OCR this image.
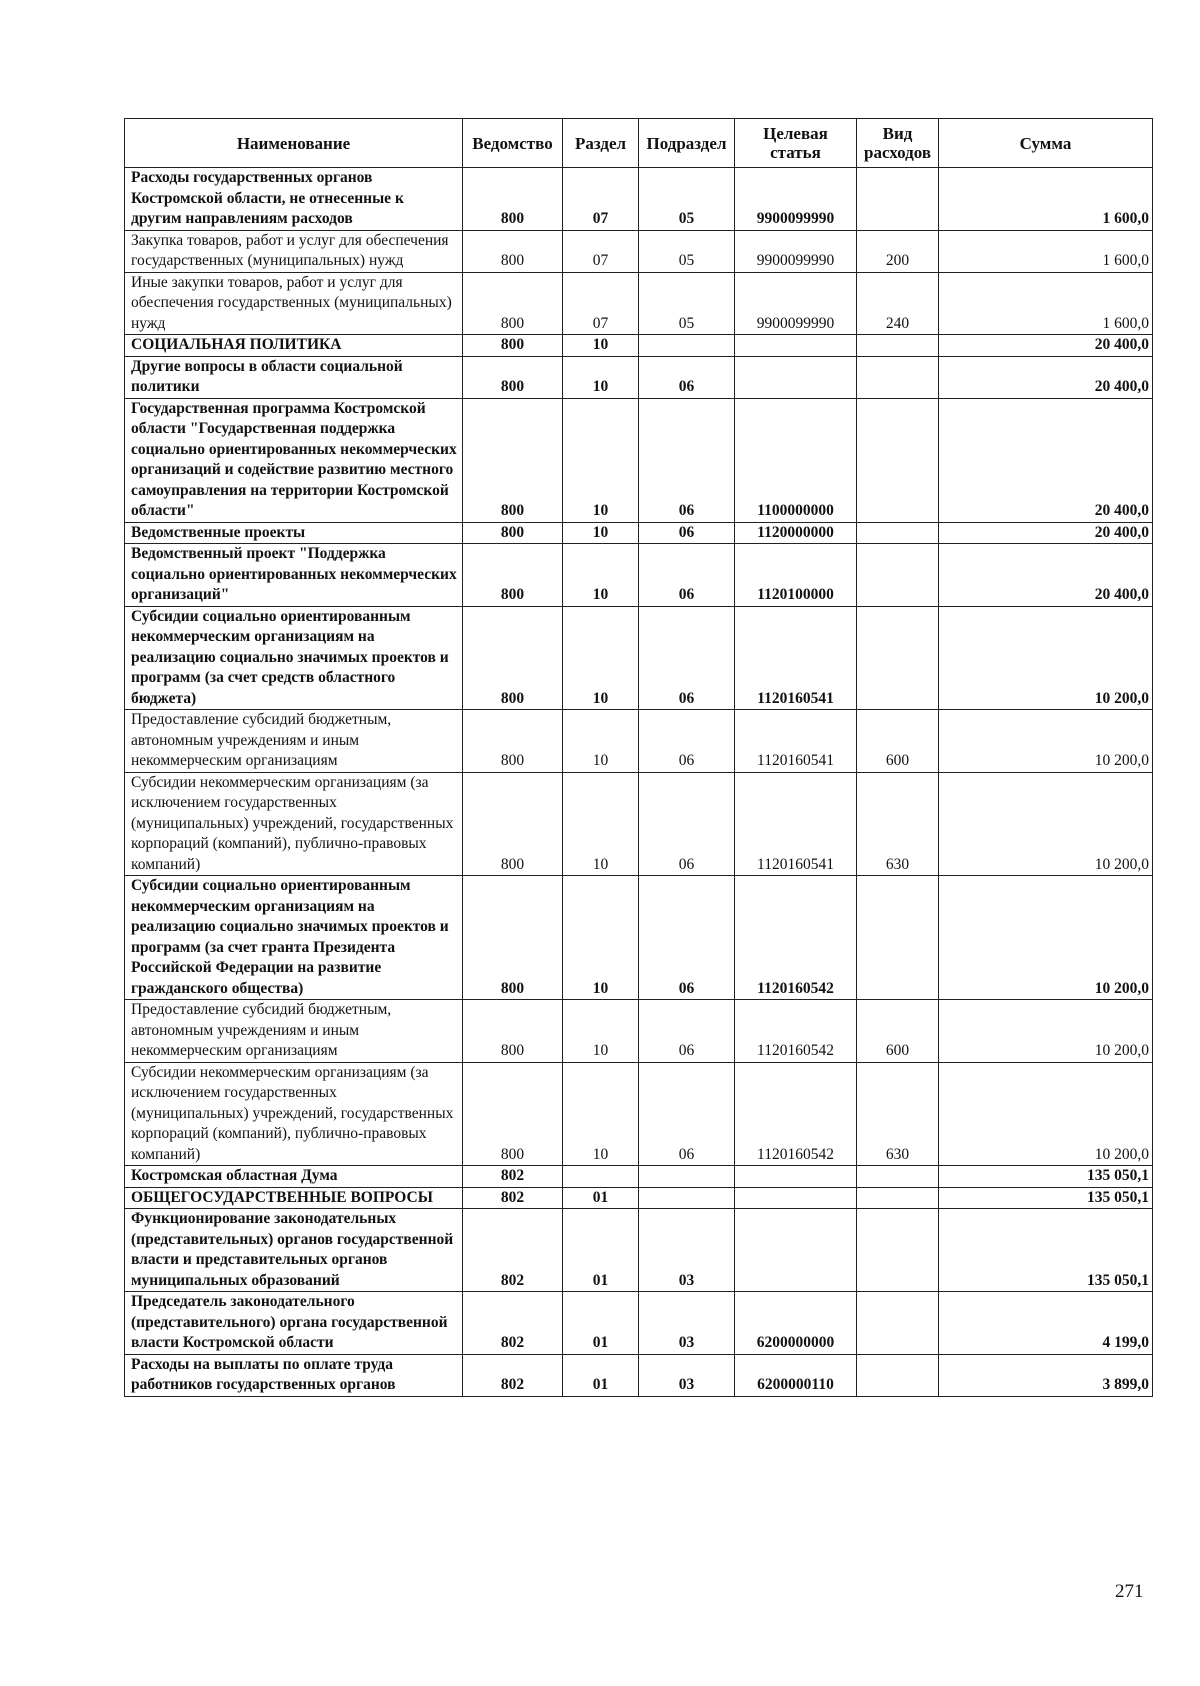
Наименование	Ведомство	Раздел	Подраздел	Целевая статья	Вид расходов	Сумма
Расходы государственных органов Костромской области, не отнесенные к другим направлениям расходов	800	07	05	9900099990		1 600,0
Закупка товаров, работ и услуг для обеспечения государственных (муниципальных) нужд	800	07	05	9900099990	200	1 600,0
Иные закупки товаров, работ и услуг для обеспечения государственных (муниципальных) нужд	800	07	05	9900099990	240	1 600,0
СОЦИАЛЬНАЯ ПОЛИТИКА	800	10				20 400,0
Другие вопросы в области социальной политики	800	10	06			20 400,0
Государственная программа Костромской области "Государственная поддержка социально ориентированных некоммерческих организаций и содействие развитию местного самоуправления на территории Костромской области"	800	10	06	1100000000		20 400,0
Ведомственные проекты	800	10	06	1120000000		20 400,0
Ведомственный проект "Поддержка социально ориентированных некоммерческих организаций"	800	10	06	1120100000		20 400,0
Субсидии социально ориентированным некоммерческим организациям на реализацию социально значимых проектов и программ (за счет средств областного бюджета)	800	10	06	1120160541		10 200,0
Предоставление субсидий бюджетным, автономным учреждениям и иным некоммерческим организациям	800	10	06	1120160541	600	10 200,0
Субсидии некоммерческим организациям (за исключением государственных (муниципальных) учреждений, государственных корпораций (компаний), публично-правовых компаний)	800	10	06	1120160541	630	10 200,0
Субсидии социально ориентированным некоммерческим организациям на реализацию социально значимых проектов и программ (за счет гранта Президента Российской Федерации на развитие гражданского общества)	800	10	06	1120160542		10 200,0
Предоставление субсидий бюджетным, автономным учреждениям и иным некоммерческим организациям	800	10	06	1120160542	600	10 200,0
Субсидии некоммерческим организациям (за исключением государственных (муниципальных) учреждений, государственных корпораций (компаний), публично-правовых компаний)	800	10	06	1120160542	630	10 200,0
Костромская областная Дума	802					135 050,1
ОБЩЕГОСУДАРСТВЕННЫЕ ВОПРОСЫ	802	01				135 050,1
Функционирование законодательных (представительных) органов государственной власти и представительных органов муниципальных образований	802	01	03			135 050,1
Председатель законодательного (представительного) органа государственной власти Костромской области	802	01	03	6200000000		4 199,0
Расходы на выплаты по оплате труда работников государственных органов	802	01	03	6200000110		3 899,0
271
